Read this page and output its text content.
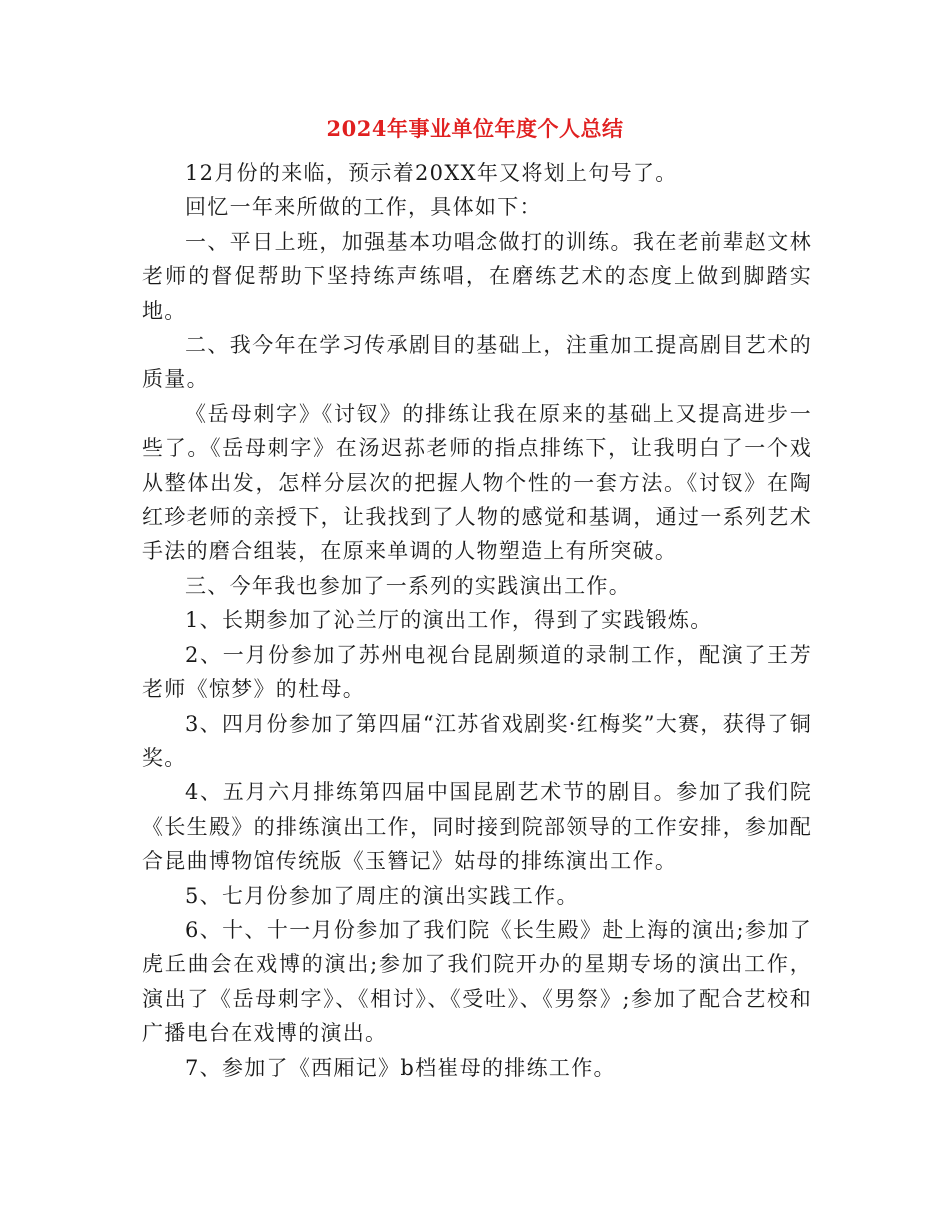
2024年事业单位年度个人总结

12月份的来临，预示着20XX年又将划上句号了。

回忆一年来所做的工作，具体如下：

一、平日上班，加强基本功唱念做打的训练。我在老前辈赵文林老师的督促帮助下坚持练声练唱，在磨练艺术的态度上做到脚踏实地。

二、我今年在学习传承剧目的基础上，注重加工提高剧目艺术的质量。

《岳母刺字》《讨钗》的排练让我在原来的基础上又提高进步一些了。《岳母刺字》在汤迟荪老师的指点排练下，让我明白了一个戏从整体出发，怎样分层次的把握人物个性的一套方法。《讨钗》在陶红珍老师的亲授下，让我找到了人物的感觉和基调，通过一系列艺术手法的磨合组装，在原来单调的人物塑造上有所突破。

三、今年我也参加了一系列的实践演出工作。

1、长期参加了沁兰厅的演出工作，得到了实践锻炼。

2、一月份参加了苏州电视台昆剧频道的录制工作，配演了王芳老师《惊梦》的杜母。

3、四月份参加了第四届“江苏省戏剧奖·红梅奖”大赛，获得了铜奖。

4、五月六月排练第四届中国昆剧艺术节的剧目。参加了我们院《长生殿》的排练演出工作，同时接到院部领导的工作安排，参加配合昆曲博物馆传统版《玉簪记》姑母的排练演出工作。

5、七月份参加了周庄的演出实践工作。

6、十、十一月份参加了我们院《长生殿》赴上海的演出;参加了虎丘曲会在戏博的演出;参加了我们院开办的星期专场的演出工作，演出了《岳母刺字》、《相讨》、《受吐》、《男祭》;参加了配合艺校和广播电台在戏博的演出。

7、参加了《西厢记》b档崔母的排练工作。
